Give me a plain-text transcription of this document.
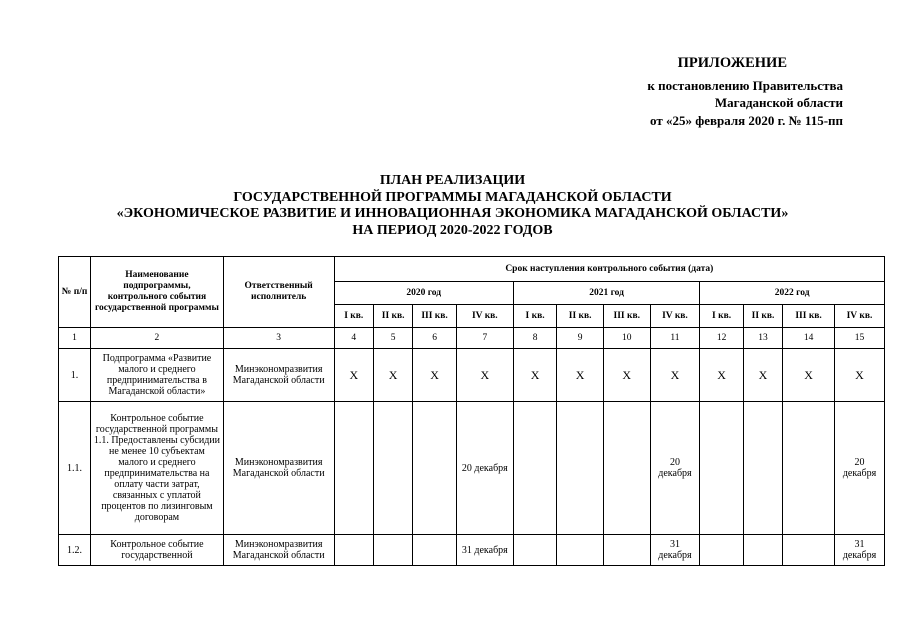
ПРИЛОЖЕНИЕ
к постановлению Правительства
Магаданской области
от «25» февраля 2020 г. № 115-пп
ПЛАН РЕАЛИЗАЦИИ
ГОСУДАРСТВЕННОЙ ПРОГРАММЫ МАГАДАНСКОЙ ОБЛАСТИ
«ЭКОНОМИЧЕСКОЕ РАЗВИТИЕ И ИННОВАЦИОННАЯ ЭКОНОМИКА МАГАДАНСКОЙ ОБЛАСТИ»
НА ПЕРИОД 2020-2022 ГОДОВ
№ п/п	Наименование подпрограммы, контрольного события государственной программы	Ответственный исполнитель	Срок наступления контрольного события (дата)											
			2020 год				2021 год				2022 год			
			I кв.	II кв.	III кв.	IV кв.	I кв.	II кв.	III кв.	IV кв.	I кв.	II кв.	III кв.	IV кв.
1	2	3	4	5	6	7	8	9	10	11	12	13	14	15
1.	Подпрограмма «Развитие малого и среднего предпринимательства в Магаданской области»	Минэкономразвития Магаданской области	Х	Х	Х	Х	Х	Х	Х	Х	Х	Х	Х	Х
1.1.	Контрольное событие государственной программы 1.1. Предоставлены субсидии не менее 10 субъектам малого и среднего предпринимательства на оплату части затрат, связанных с уплатой процентов по лизинговым договорам	Минэкономразвития Магаданской области				20 декабря				20 декабря				20 декабря
1.2.	Контрольное событие государственной	Минэкономразвития Магаданской области				31 декабря				31 декабря				31 декабря
